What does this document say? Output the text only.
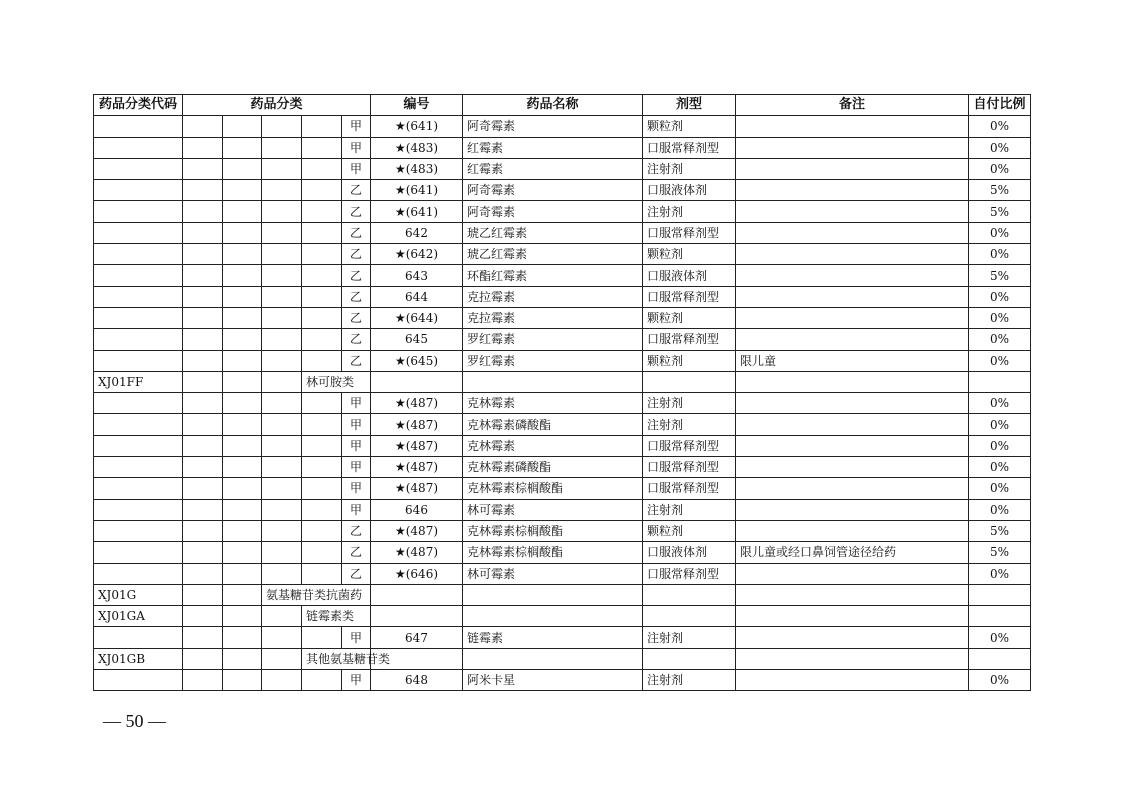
药品分类代码	药品分类					编号	药品名称	剂型	备注	自付比例
					甲	★(641)	阿奇霉素	颗粒剂		0%
					甲	★(483)	红霉素	口服常释剂型		0%
					甲	★(483)	红霉素	注射剂		0%
					乙	★(641)	阿奇霉素	口服液体剂		5%
					乙	★(641)	阿奇霉素	注射剂		5%
					乙	642	琥乙红霉素	口服常释剂型		0%
					乙	★(642)	琥乙红霉素	颗粒剂		0%
					乙	643	环酯红霉素	口服液体剂		5%
					乙	644	克拉霉素	口服常释剂型		0%
					乙	★(644)	克拉霉素	颗粒剂		0%
					乙	645	罗红霉素	口服常释剂型		0%
					乙	★(645)	罗红霉素	颗粒剂	限儿童	0%
XJ01FF				林可胺类						
					甲	★(487)	克林霉素	注射剂		0%
					甲	★(487)	克林霉素磷酸酯	注射剂		0%
					甲	★(487)	克林霉素	口服常释剂型		0%
					甲	★(487)	克林霉素磷酸酯	口服常释剂型		0%
					甲	★(487)	克林霉素棕榈酸酯	口服常释剂型		0%
					甲	646	林可霉素	注射剂		0%
					乙	★(487)	克林霉素棕榈酸酯	颗粒剂		5%
					乙	★(487)	克林霉素棕榈酸酯	口服液体剂	限儿童或经口鼻饲管途径给药	5%
					乙	★(646)	林可霉素	口服常释剂型		0%
XJ01G			氨基糖苷类抗菌药							
XJ01GA				链霉素类						
					甲	647	链霉素	注射剂		0%
XJ01GB				其他氨基糖苷类						
					甲	648	阿米卡星	注射剂		0%
— 50 —
